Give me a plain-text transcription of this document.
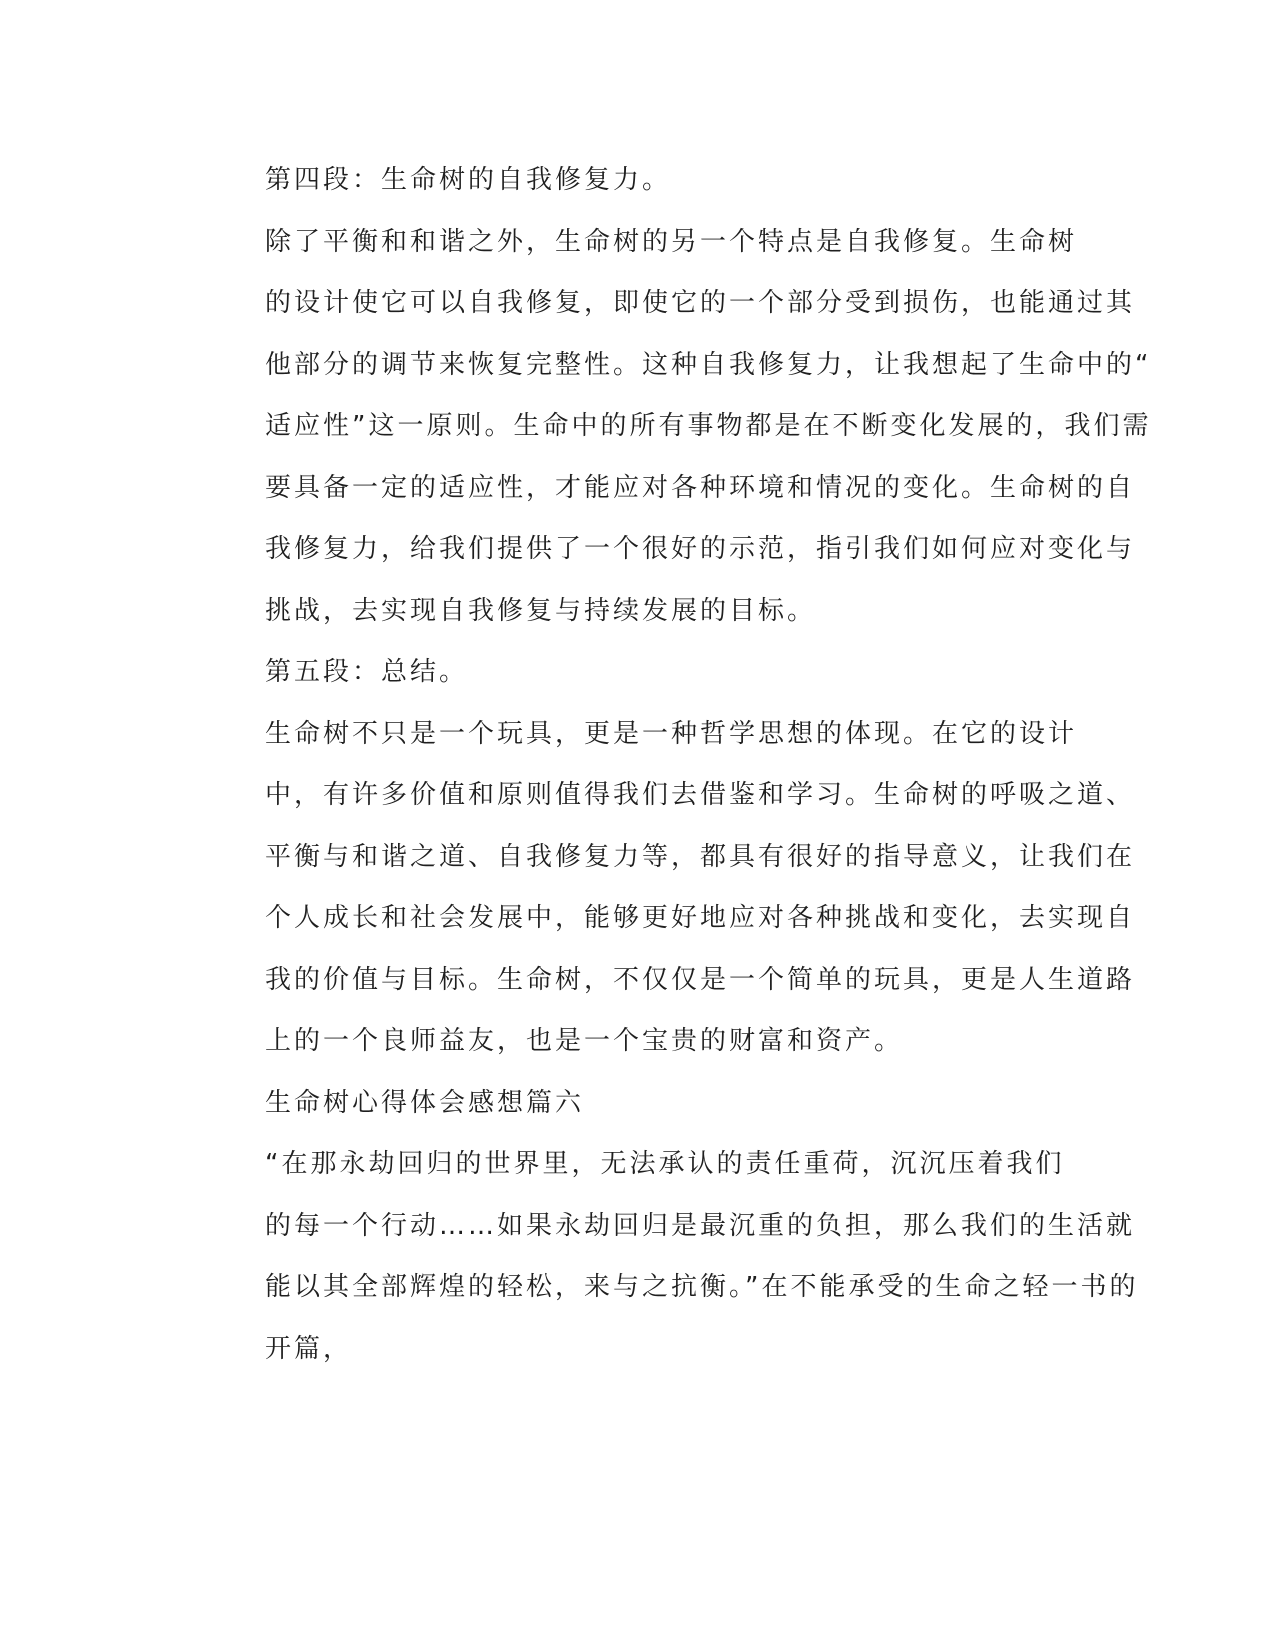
第四段：生命树的自我修复力。

除了平衡和和谐之外，生命树的另一个特点是自我修复。生命树
的设计使它可以自我修复，即使它的一个部分受到损伤，也能通过其
他部分的调节来恢复完整性。这种自我修复力，让我想起了生命中的“
适应性”这一原则。生命中的所有事物都是在不断变化发展的，我们需
要具备一定的适应性，才能应对各种环境和情况的变化。生命树的自
我修复力，给我们提供了一个很好的示范，指引我们如何应对变化与
挑战，去实现自我修复与持续发展的目标。

第五段：总结。

生命树不只是一个玩具，更是一种哲学思想的体现。在它的设计
中，有许多价值和原则值得我们去借鉴和学习。生命树的呼吸之道、
平衡与和谐之道、自我修复力等，都具有很好的指导意义，让我们在
个人成长和社会发展中，能够更好地应对各种挑战和变化，去实现自
我的价值与目标。生命树，不仅仅是一个简单的玩具，更是人生道路
上的一个良师益友，也是一个宝贵的财富和资产。

生命树心得体会感想篇六

“在那永劫回归的世界里，无法承认的责任重荷，沉沉压着我们
的每一个行动……如果永劫回归是最沉重的负担，那么我们的生活就
能以其全部辉煌的轻松，来与之抗衡。”在不能承受的生命之轻一书的
开篇，
